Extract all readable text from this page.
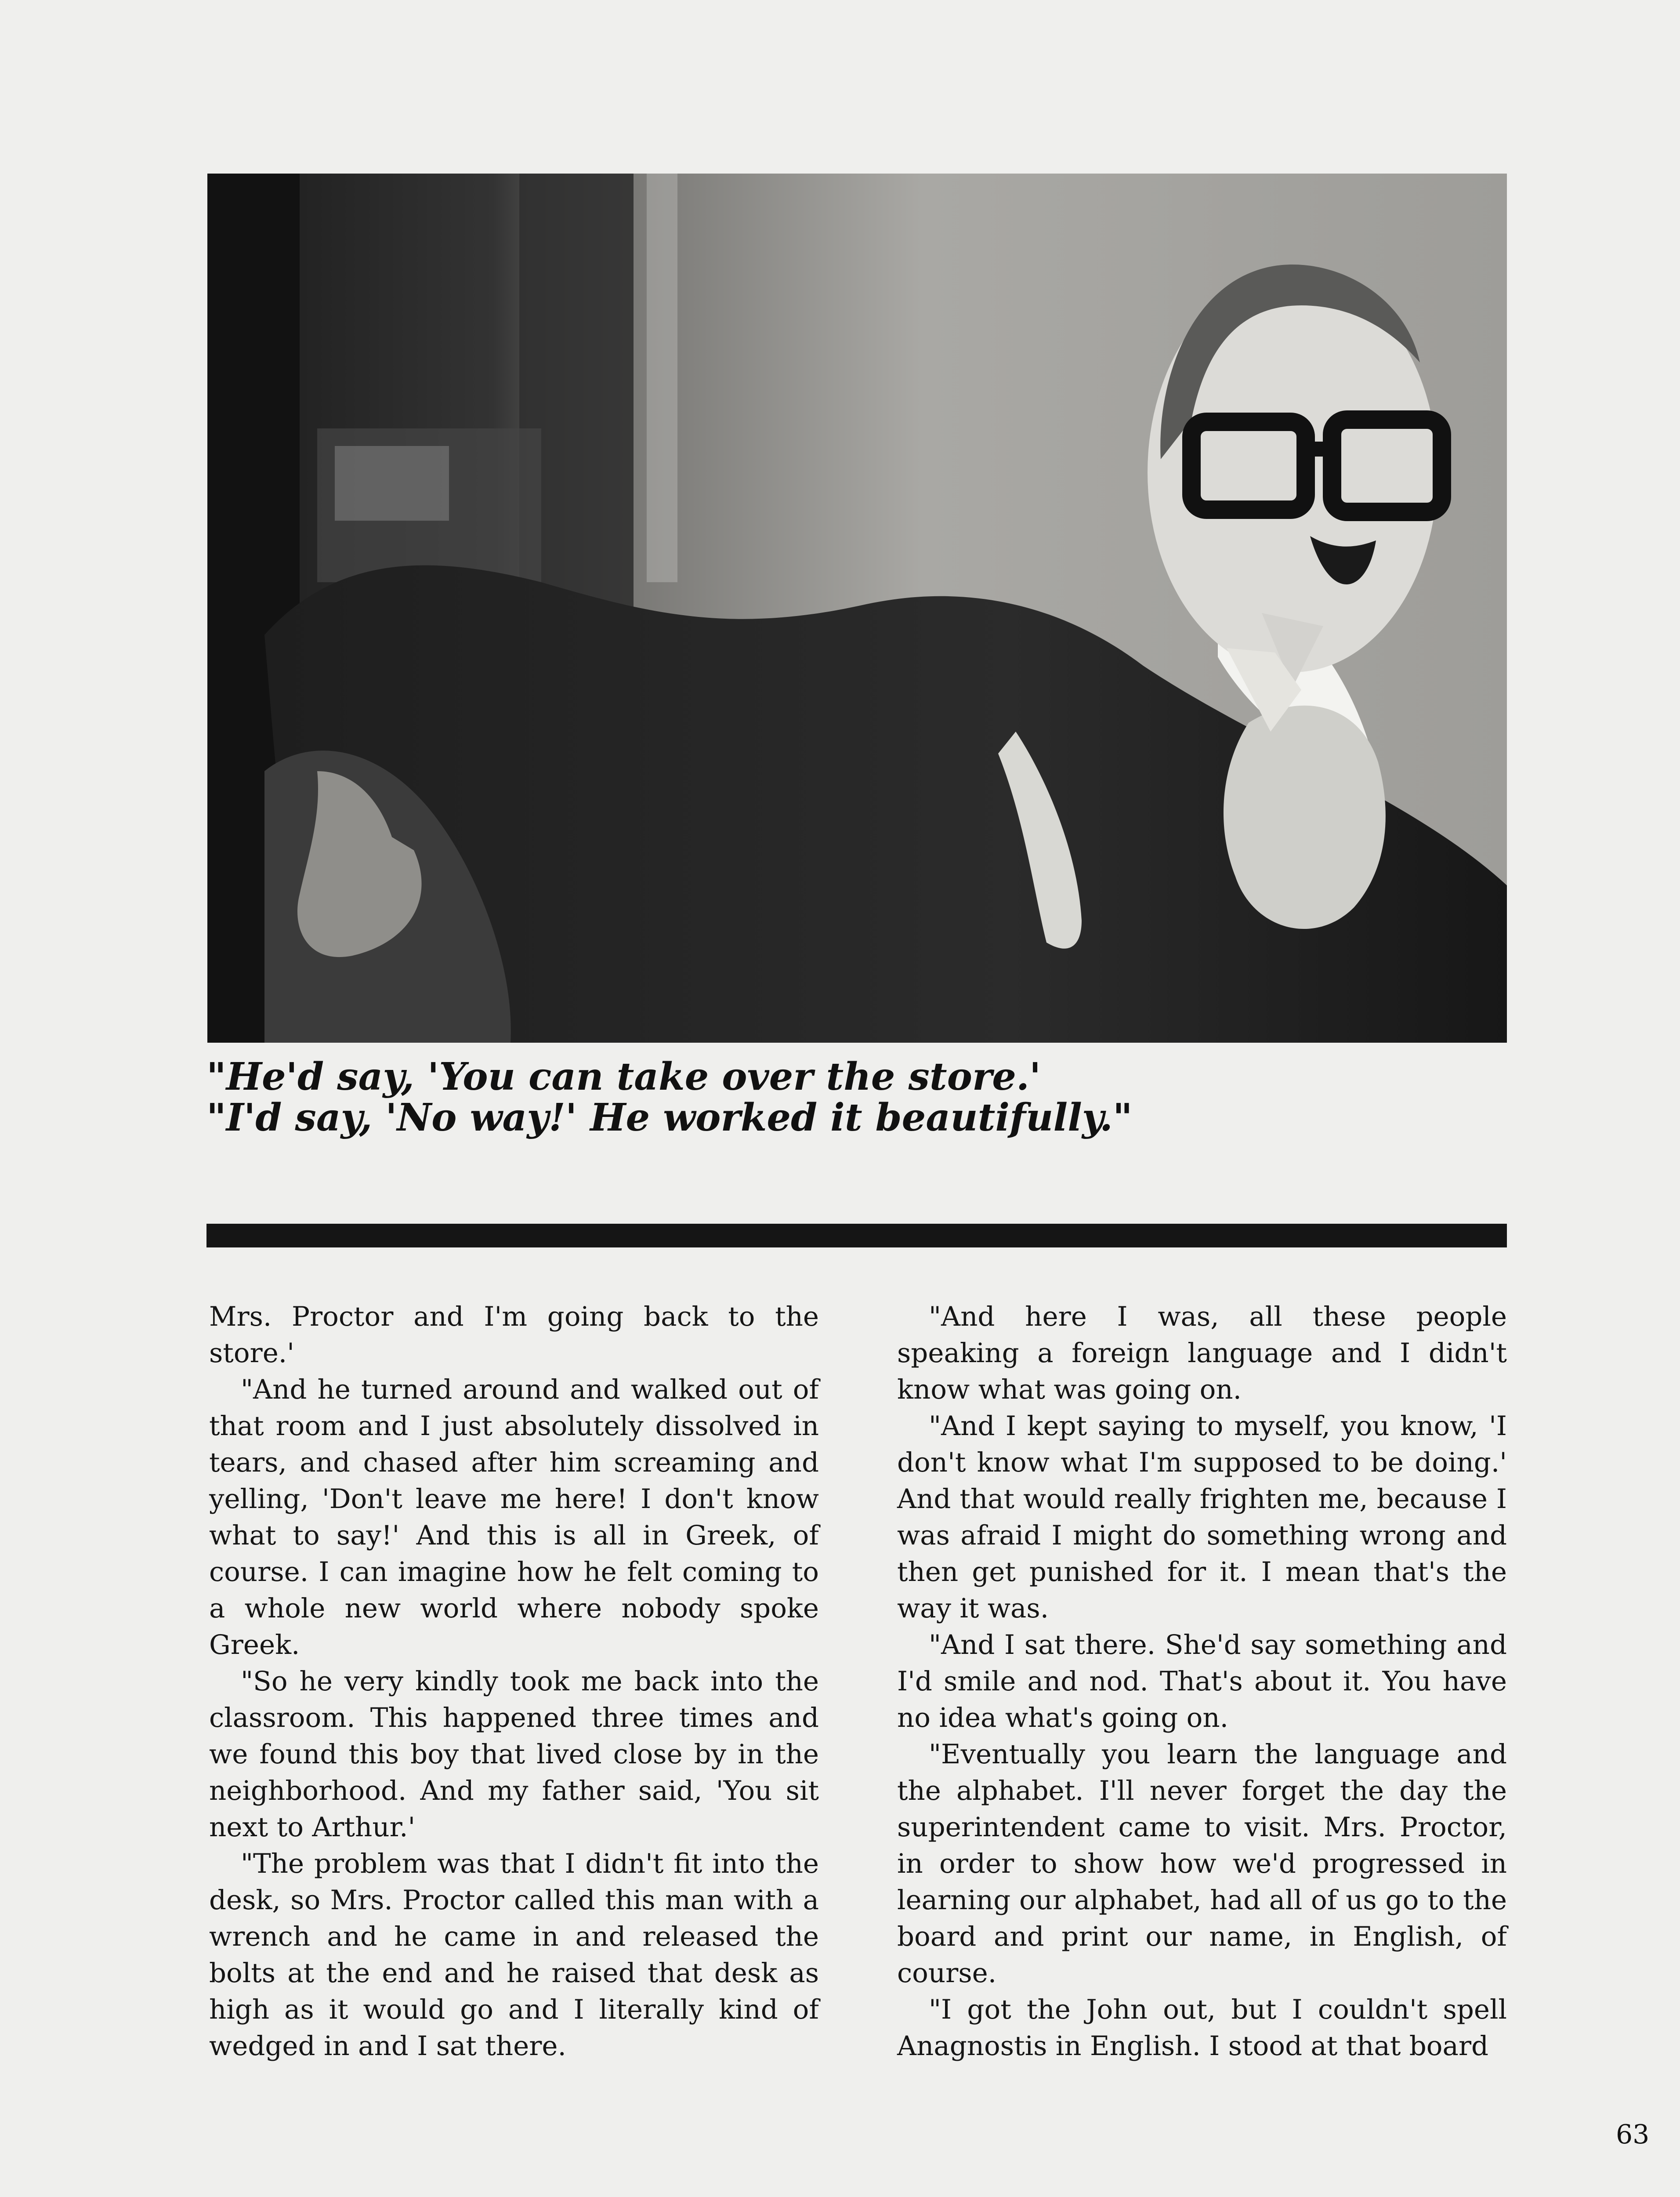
"He'd say, 'You can take over the store.'
"I'd say, 'No way!' He worked it beautifully."

Mrs. Proctor and I'm going back to the store.'

"And he turned around and walked out of that room and I just absolutely dissolved in tears, and chased after him screaming and yelling, 'Don't leave me here! I don't know what to say!' And this is all in Greek, of course. I can imagine how he felt coming to a whole new world where nobody spoke Greek.

"So he very kindly took me back into the classroom. This happened three times and we found this boy that lived close by in the neighborhood. And my father said, 'You sit next to Arthur.'

"The problem was that I didn't fit into the desk, so Mrs. Proctor called this man with a wrench and he came in and released the bolts at the end and he raised that desk as high as it would go and I literally kind of wedged in and I sat there.

"And here I was, all these people speaking a foreign language and I didn't know what was going on.

"And I kept saying to myself, you know, 'I don't know what I'm supposed to be doing.' And that would really frighten me, because I was afraid I might do something wrong and then get punished for it. I mean that's the way it was.

"And I sat there. She'd say something and I'd smile and nod. That's about it. You have no idea what's going on.

"Eventually you learn the language and the alphabet. I'll never forget the day the superintendent came to visit. Mrs. Proctor, in order to show how we'd progressed in learning our alphabet, had all of us go to the board and print our name, in English, of course.

"I got the John out, but I couldn't spell Anagnostis in English. I stood at that board

63
